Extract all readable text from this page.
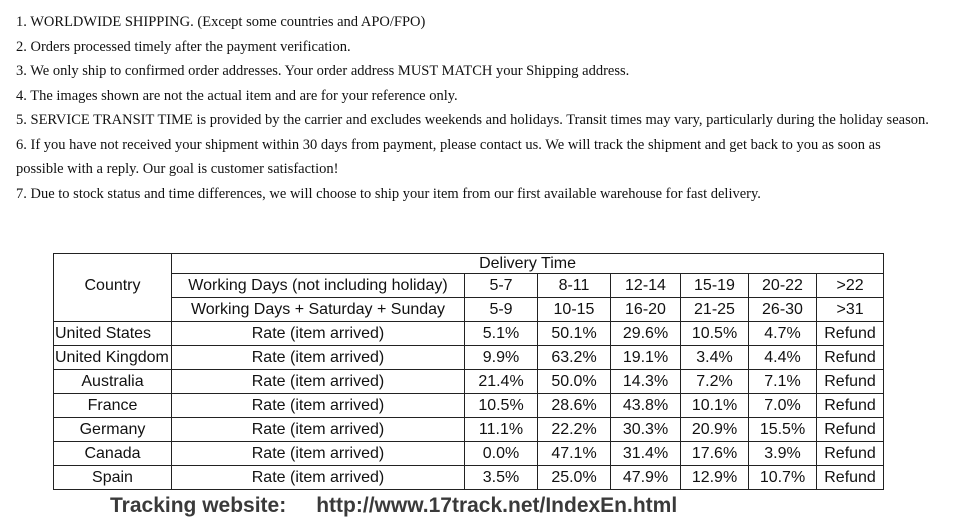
1. WORLDWIDE SHIPPING. (Except some countries and APO/FPO)

2. Orders processed timely after the payment verification.

3. We only ship to confirmed order addresses. Your order address MUST MATCH your Shipping address.

4. The images shown are not the actual item and are for your reference only.

5. SERVICE TRANSIT TIME is provided by the carrier and excludes weekends and holidays. Transit times may vary, particularly during the holiday season.

6. If you have not received your shipment within 30 days from payment, please contact us. We will track the shipment and get back to you as soon as possible with a reply. Our goal is customer satisfaction!

7. Due to stock status and time differences, we will choose to ship your item from our first available warehouse for fast delivery.

	Delivery Time						
Country	Working Days (not including holiday)	5-7	8-11	12-14	15-19	20-22	>22
	Working Days + Saturday + Sunday	5-9	10-15	16-20	21-25	26-30	>31
United States	Rate (item arrived)	5.1%	50.1%	29.6%	10.5%	4.7%	Refund
United Kingdom	Rate (item arrived)	9.9%	63.2%	19.1%	3.4%	4.4%	Refund
Australia	Rate (item arrived)	21.4%	50.0%	14.3%	7.2%	7.1%	Refund
France	Rate (item arrived)	10.5%	28.6%	43.8%	10.1%	7.0%	Refund
Germany	Rate (item arrived)	11.1%	22.2%	30.3%	20.9%	15.5%	Refund
Canada	Rate (item arrived)	0.0%	47.1%	31.4%	17.6%	3.9%	Refund
Spain	Rate (item arrived)	3.5%	25.0%	47.9%	12.9%	10.7%	Refund
Tracking website: http://www.17track.net/IndexEn.html
